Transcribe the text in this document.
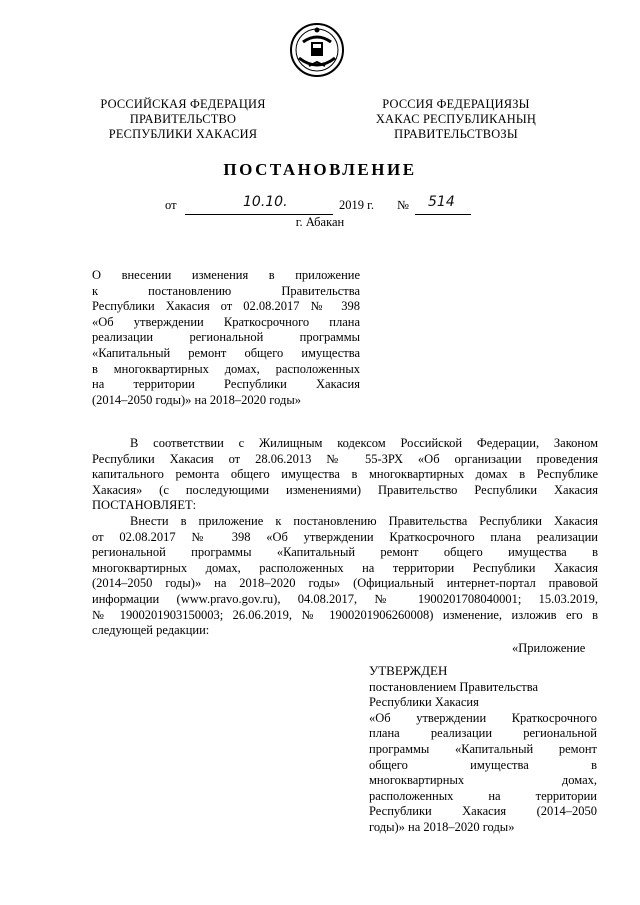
РОССИЙСКАЯ ФЕДЕРАЦИЯ
ПРАВИТЕЛЬСТВО
РЕСПУБЛИКИ ХАКАСИЯ
РОССИЯ ФЕДЕРАЦИЯЗЫ
ХАКАС РЕСПУБЛИКАНЫҢ
ПРАВИТЕЛЬСТВОЗЫ
ПОСТАНОВЛЕНИЕ
от	10.10.	2019 г. № 514
г. Абакан

О внесении изменения в приложение

к постановлению Правительства

Республики Хакасия от 02.08.2017 № 398

«Об утверждении Краткосрочного плана

реализации региональной программы

«Капитальный ремонт общего имущества

в многоквартирных домах, расположенных

на территории Республики Хакасия

(2014–2050 годы)» на 2018–2020 годы»

В соответствии с Жилищным кодексом Российской Федерации, Законом

Республики Хакасия от 28.06.2013 № 55-ЗРХ «Об организации проведения

капитального ремонта общего имущества в многоквартирных домах в Республике

Хакасия» (с последующими изменениями) Правительство Республики Хакасия

ПОСТАНОВЛЯЕТ:

Внести в приложение к постановлению Правительства Республики Хакасия

от 02.08.2017 № 398 «Об утверждении Краткосрочного плана реализации

региональной программы «Капитальный ремонт общего имущества в

многоквартирных домах, расположенных на территории Республики Хакасия

(2014–2050 годы)» на 2018–2020 годы» (Официальный интернет-портал правовой

информации (www.pravo.gov.ru), 04.08.2017, № 1900201708040001; 15.03.2019,

№ 1900201903150003; 26.06.2019, № 1900201906260008) изменение, изложив его в

следующей редакции:

«Приложение
УТВЕРЖДЕН
постановлением Правительства
Республики Хакасия
«Об утверждении Краткосрочного
плана реализации региональной
программы «Капитальный ремонт
общего имущества в
многоквартирных домах,
расположенных на территории
Республики Хакасия (2014–2050
годы)» на 2018–2020 годы»
